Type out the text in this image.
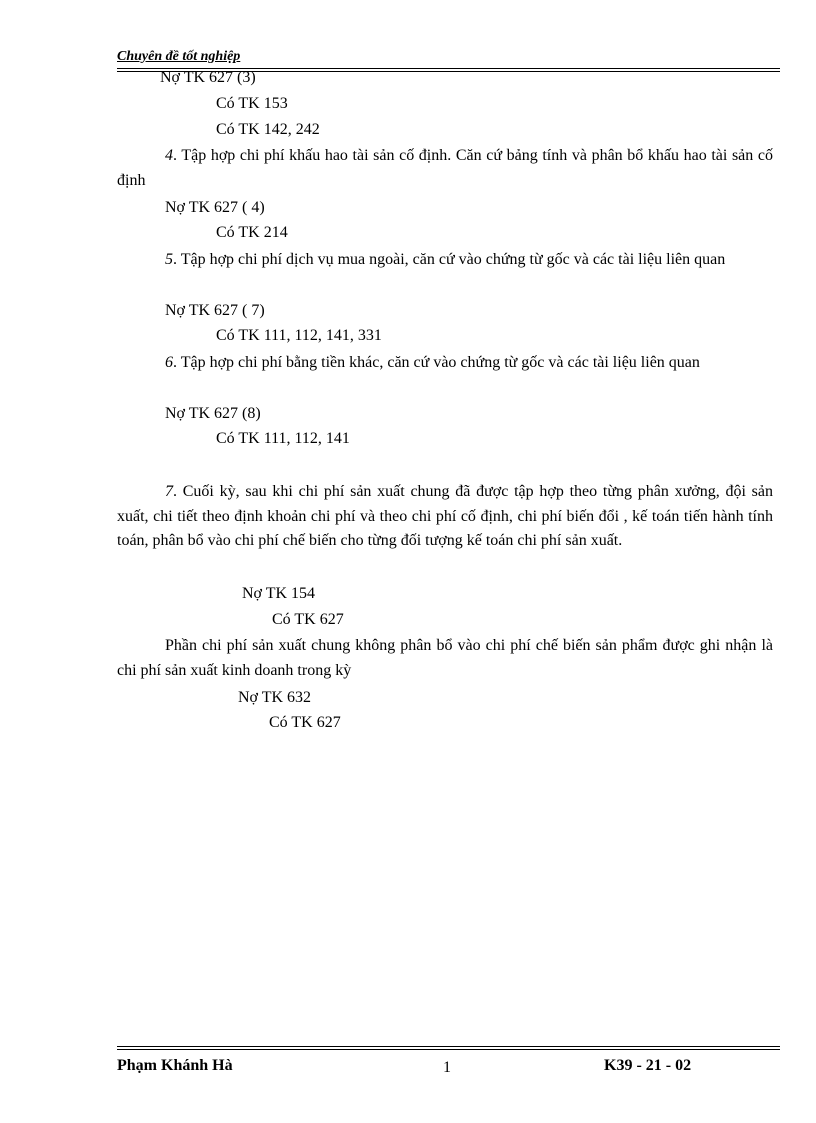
Chuyên đề tốt nghiệp
Nợ TK 627 (3)
Có TK 153
Có TK 142, 242
4. Tập hợp chi phí khấu hao tài sản cố định. Căn cứ bảng tính và phân bổ khấu hao tài sản cố định
Nợ TK 627 ( 4)
Có TK 214
5. Tập hợp chi phí dịch vụ mua ngoài, căn cứ vào chứng từ gốc và các tài liệu liên quan
Nợ TK 627 ( 7)
Có TK 111, 112, 141, 331
6. Tập hợp chi phí bằng tiền khác, căn cứ vào chứng từ gốc và các tài liệu liên quan
Nợ TK 627 (8)
Có TK 111, 112, 141
7. Cuối kỳ, sau khi chi phí sản xuất chung đã được tập hợp theo từng phân xưởng, đội sản xuất, chi tiết theo định khoản chi phí và theo chi phí cố định, chi phí biến đổi , kế toán tiến hành tính toán, phân bổ vào chi phí chế biến cho từng đối tượng kế toán chi phí sản xuất.
Nợ TK 154
Có TK 627
Phần chi phí sản xuất chung không phân bổ vào chi phí chế biến sản phẩm được ghi nhận là chi phí sản xuất kinh doanh trong kỳ
Nợ TK 632
Có TK 627
Phạm Khánh Hà	1	K39 - 21 - 02
